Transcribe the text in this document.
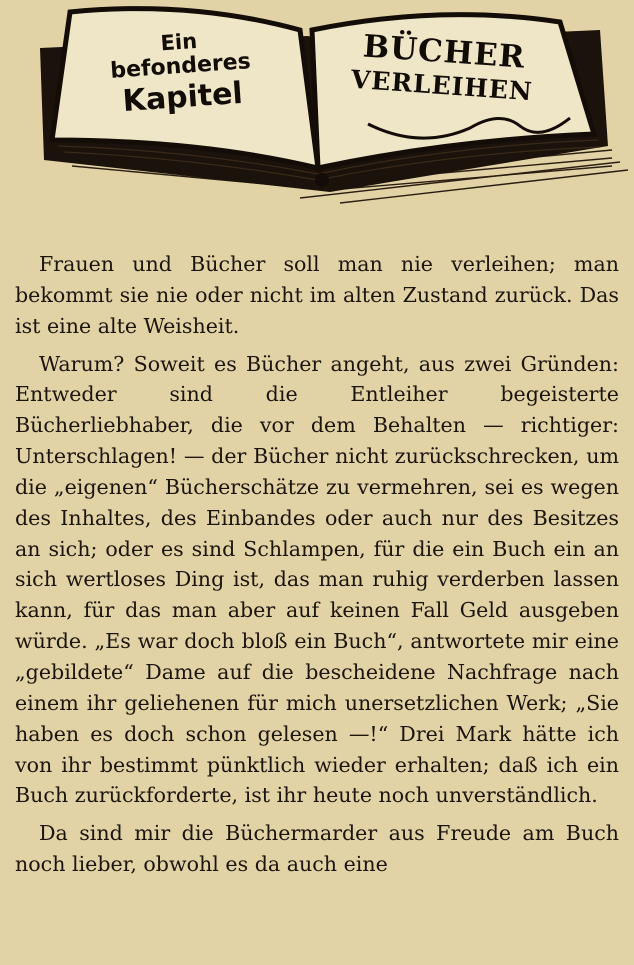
Ein
befonderes
Kapitel
BÜCHER
VERLEIHEN

Frauen und Bücher soll man nie verleihen; man bekommt sie nie oder nicht im alten Zustand zurück. Das ist eine alte Weisheit.

Warum? Soweit es Bücher angeht, aus zwei Gründen: Entweder sind die Entleiher begeisterte Bücherliebhaber, die vor dem Behalten — richtiger: Unterschlagen! — der Bücher nicht zurückschrecken, um die „eigenen“ Bücherschätze zu vermehren, sei es wegen des Inhaltes, des Einbandes oder auch nur des Besitzes an sich; oder es sind Schlampen, für die ein Buch ein an sich wertloses Ding ist, das man ruhig verderben lassen kann, für das man aber auf keinen Fall Geld ausgeben würde. „Es war doch bloß ein Buch“, antwortete mir eine „gebildete“ Dame auf die bescheidene Nachfrage nach einem ihr geliehenen für mich unersetzlichen Werk; „Sie haben es doch schon gelesen —!“ Drei Mark hätte ich von ihr bestimmt pünktlich wieder erhalten; daß ich ein Buch zurückforderte, ist ihr heute noch unverständlich.

Da sind mir die Büchermarder aus Freude am Buch noch lieber, obwohl es da auch eine
